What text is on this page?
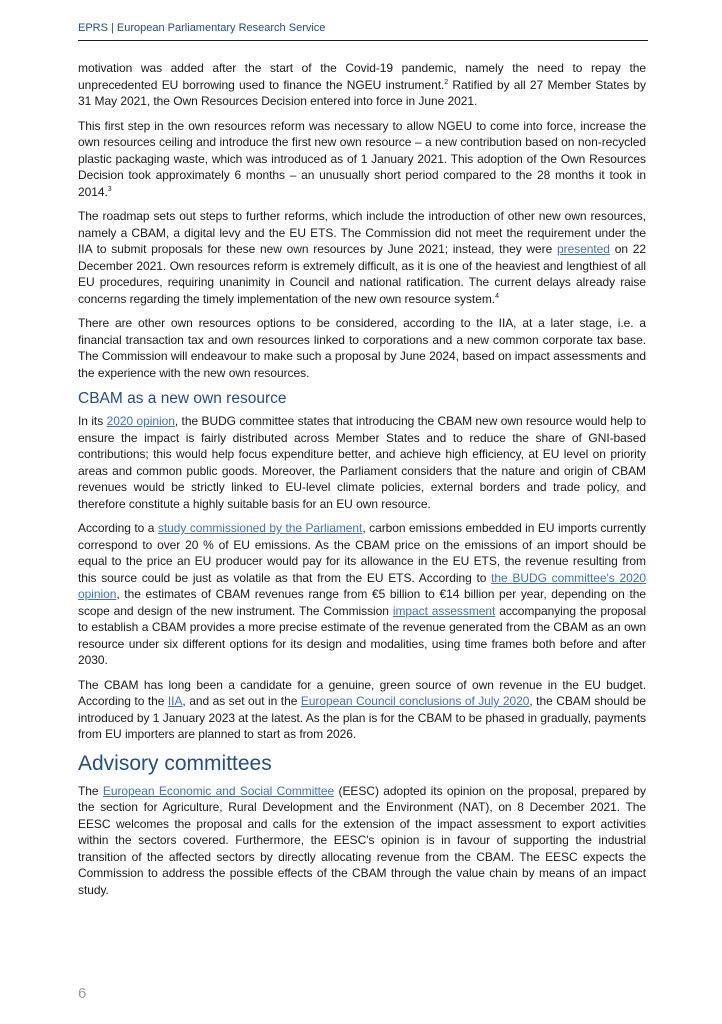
EPRS | European Parliamentary Research Service

motivation was added after the start of the Covid-19 pandemic, namely the need to repay the unprecedented EU borrowing used to finance the NGEU instrument.$^2$ Ratified by all 27 Member States by 31 May 2021, the Own Resources Decision entered into force in June 2021.

This first step in the own resources reform was necessary to allow NGEU to come into force, increase the own resources ceiling and introduce the first new own resource – a new contribution based on non-recycled plastic packaging waste, which was introduced as of 1 January 2021. This adoption of the Own Resources Decision took approximately 6 months – an unusually short period compared to the 28 months it took in 2014.$^3$

The roadmap sets out steps to further reforms, which include the introduction of other new own resources, namely a CBAM, a digital levy and the EU ETS. The Commission did not meet the requirement under the IIA to submit proposals for these new own resources by June 2021; instead, they were presented on 22 December 2021. Own resources reform is extremely difficult, as it is one of the heaviest and lengthiest of all EU procedures, requiring unanimity in Council and national ratification. The current delays already raise concerns regarding the timely implementation of the new own resource system.$^4$

There are other own resources options to be considered, according to the IIA, at a later stage, i.e. a financial transaction tax and own resources linked to corporations and a new common corporate tax base. The Commission will endeavour to make such a proposal by June 2024, based on impact assessments and the experience with the new own resources.

CBAM as a new own resource

In its 2020 opinion, the BUDG committee states that introducing the CBAM new own resource would help to ensure the impact is fairly distributed across Member States and to reduce the share of GNI-based contributions; this would help focus expenditure better, and achieve high efficiency, at EU level on priority areas and common public goods. Moreover, the Parliament considers that the nature and origin of CBAM revenues would be strictly linked to EU-level climate policies, external borders and trade policy, and therefore constitute a highly suitable basis for an EU own resource.

According to a study commissioned by the Parliament, carbon emissions embedded in EU imports currently correspond to over 20 % of EU emissions. As the CBAM price on the emissions of an import should be equal to the price an EU producer would pay for its allowance in the EU ETS, the revenue resulting from this source could be just as volatile as that from the EU ETS. According to the BUDG committee's 2020 opinion, the estimates of CBAM revenues range from €5 billion to €14 billion per year, depending on the scope and design of the new instrument. The Commission impact assessment accompanying the proposal to establish a CBAM provides a more precise estimate of the revenue generated from the CBAM as an own resource under six different options for its design and modalities, using time frames both before and after 2030.

The CBAM has long been a candidate for a genuine, green source of own revenue in the EU budget. According to the IIA, and as set out in the European Council conclusions of July 2020, the CBAM should be introduced by 1 January 2023 at the latest. As the plan is for the CBAM to be phased in gradually, payments from EU importers are planned to start as from 2026.

Advisory committees

The European Economic and Social Committee (EESC) adopted its opinion on the proposal, prepared by the section for Agriculture, Rural Development and the Environment (NAT), on 8 December 2021. The EESC welcomes the proposal and calls for the extension of the impact assessment to export activities within the sectors covered. Furthermore, the EESC's opinion is in favour of supporting the industrial transition of the affected sectors by directly allocating revenue from the CBAM. The EESC expects the Commission to address the possible effects of the CBAM through the value chain by means of an impact study.

6
